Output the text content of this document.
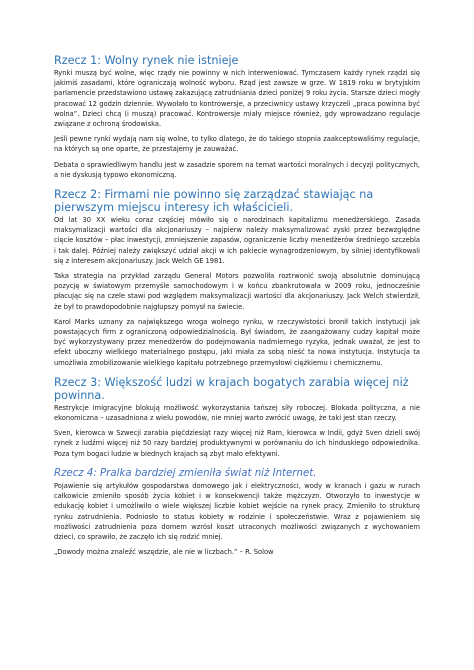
Rzecz 1: Wolny rynek nie istnieje

Rynki muszą być wolne, więc rządy nie powinny w nich interweniować. Tymczasem każdy rynek rządzi się jakimiś zasadami, które ograniczają wolność wyboru. Rząd jest zawsze w grze. W 1819 roku w brytyjskim parlamencie przedstawiono ustawę zakazującą zatrudniania dzieci poniżej 9 roku życia. Starsze dzieci mogły pracować 12 godzin dziennie. Wywołało to kontrowersje, a przeciwnicy ustawy krzyczeli „praca powinna być wolna”. Dzieci chcą (i muszą) pracować. Kontrowersje miały miejsce również, gdy wprowadzano regulacje związane z ochroną środowiska.

Jeśli pewne rynki wydają nam się wolne, to tylko dlatego, że do takiego stopnia zaakceptowaliśmy regulacje, na których są one oparte, że przestajemy je zauważać.

Debata o sprawiedliwym handlu jest w zasadzie sporem na temat wartości moralnych i decyzji politycznych, a nie dyskusją typowo ekonomiczną.

Rzecz 2: Firmami nie powinno się zarządzać stawiając na pierwszym miejscu interesy ich właścicieli.

Od lat 30 XX wieku coraz częściej mówiło się o narodzinach kapitalizmu menedżerskiego. Zasada maksymalizacji wartości dla akcjonariuszy – najpierw należy maksymalizować zyski przez bezwzględne cięcie kosztów – płac inwestycji, zmniejszenie zapasów, ograniczenie liczby menedżerów średniego szczebla i tak dalej. Później należy zwiększyć udział akcji w ich pakiecie wynagrodzeniowym, by silniej identyfikowali się z interesem akcjonariuszy. Jack Welch GE 1981.

Taka strategia na przykład zarządu General Motors pozwoliła roztrwonić swoją absolutnie dominującą pozycję w światowym przemyśle samochodowym i w końcu zbankrutowała w 2009 roku, jednocześnie płacując się na czele stawi pod względem maksymalizacji wartości dla akcjonariuszy. Jack Welch stwierdził, że był to prawdopodobnie najgłupszy pomysł na świecie.

Karol Marks uznany za największego wroga wolnego rynku, w rzeczywistości bronił takich instytucji jak powstających firm z ograniczoną odpowiedzialnością. Był świadom, że zaangażowany cudzy kapitał może być wykorzystywany przez menedżerów do podejmowania nadmiernego ryzyka, jednak uważał, że jest to efekt uboczny wielkiego materialnego postępu, jaki miała za sobą nieść ta nowa instytucja. Instytucja ta umożliwia zmobilizowanie wielkiego kapitału potrzebnego przemysłowi ciężkiemu i chemicznemu.

Rzecz 3: Większość ludzi w krajach bogatych zarabia więcej niż powinna.

Restrykcje imigracyjne blokują możliwość wykorzystania tańszej siły roboczej. Blokada polityczna, a nie ekonomiczna – uzasadniona z wielu powodów, nie mniej warto zwrócić uwagę, że taki jest stan rzeczy.

Sven, kierowca w Szwecji zarabia pięćdziesiąt razy więcej niż Ram, kierowca w Indii, gdyż Sven dzieli swój rynek z ludźmi więcej niż 50 razy bardziej produktywnymi w porównaniu do ich hinduskiego odpowiednika. Poza tym bogaci ludzie w biednych krajach są zbyt mało efektywni.

Rzecz 4: Pralka bardziej zmieniła świat niż Internet.

Pojawienie się artykułów gospodarstwa domowego jak i elektryczności, wody w kranach i gazu w rurach całkowicie zmieniło sposób życia kobiet i w konsekwencji także mężczyzn. Otworzyło to inwestycje w edukację kobiet i umożliwiło o wiele większej liczbie kobiet wejście na rynek pracy. Zmieniło to strukturę rynku zatrudnienia. Podniosło to status kobiety w rodzinie i społeczeństwie. Wraz z pojawieniem się możliwości zatrudnienia poza domem wzrósł koszt utraconych możliwości związanych z wychowaniem dzieci, co sprawiło, że zaczęło ich się rodzić mniej.

„Dowody można znaleźć wszędzie, ale nie w liczbach.” – R. Solow
